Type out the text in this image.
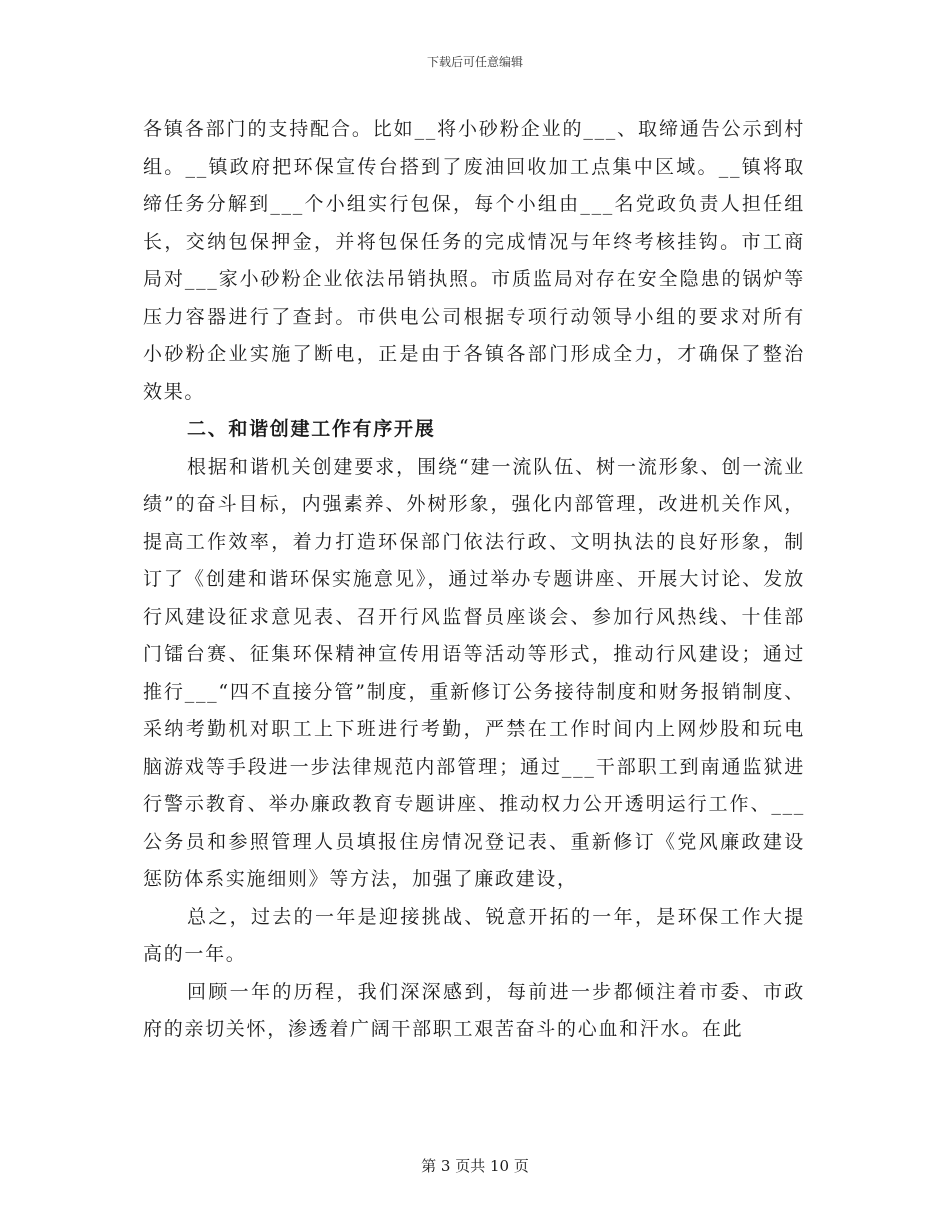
下载后可任意编辑

各镇各部门的支持配合。比如__将小砂粉企业的___、取缔通告公示到村组。__镇政府把环保宣传台搭到了废油回收加工点集中区域。__镇将取缔任务分解到___个小组实行包保，每个小组由___名党政负责人担任组长，交纳包保押金，并将包保任务的完成情况与年终考核挂钩。市工商局对___家小砂粉企业依法吊销执照。市质监局对存在安全隐患的锅炉等压力容器进行了查封。市供电公司根据专项行动领导小组的要求对所有小砂粉企业实施了断电，正是由于各镇各部门形成全力，才确保了整治效果。

二、和谐创建工作有序开展

根据和谐机关创建要求，围绕“建一流队伍、树一流形象、创一流业绩”的奋斗目标，内强素养、外树形象，强化内部管理，改进机关作风，提高工作效率，着力打造环保部门依法行政、文明执法的良好形象，制订了《创建和谐环保实施意见》，通过举办专题讲座、开展大讨论、发放行风建设征求意见表、召开行风监督员座谈会、参加行风热线、十佳部门镭台赛、征集环保精神宣传用语等活动等形式，推动行风建设；通过推行___“四不直接分管”制度，重新修订公务接待制度和财务报销制度、采纳考勤机对职工上下班进行考勤，严禁在工作时间内上网炒股和玩电脑游戏等手段进一步法律规范内部管理；通过___干部职工到南通监狱进行警示教育、举办廉政教育专题讲座、推动权力公开透明运行工作、___公务员和参照管理人员填报住房情况登记表、重新修订《党风廉政建设惩防体系实施细则》等方法，加强了廉政建设，

总之，过去的一年是迎接挑战、锐意开拓的一年，是环保工作大提高的一年。

回顾一年的历程，我们深深感到，每前进一步都倾注着市委、市政府的亲切关怀，渗透着广阔干部职工艰苦奋斗的心血和汗水。在此

第 3 页共 10 页
